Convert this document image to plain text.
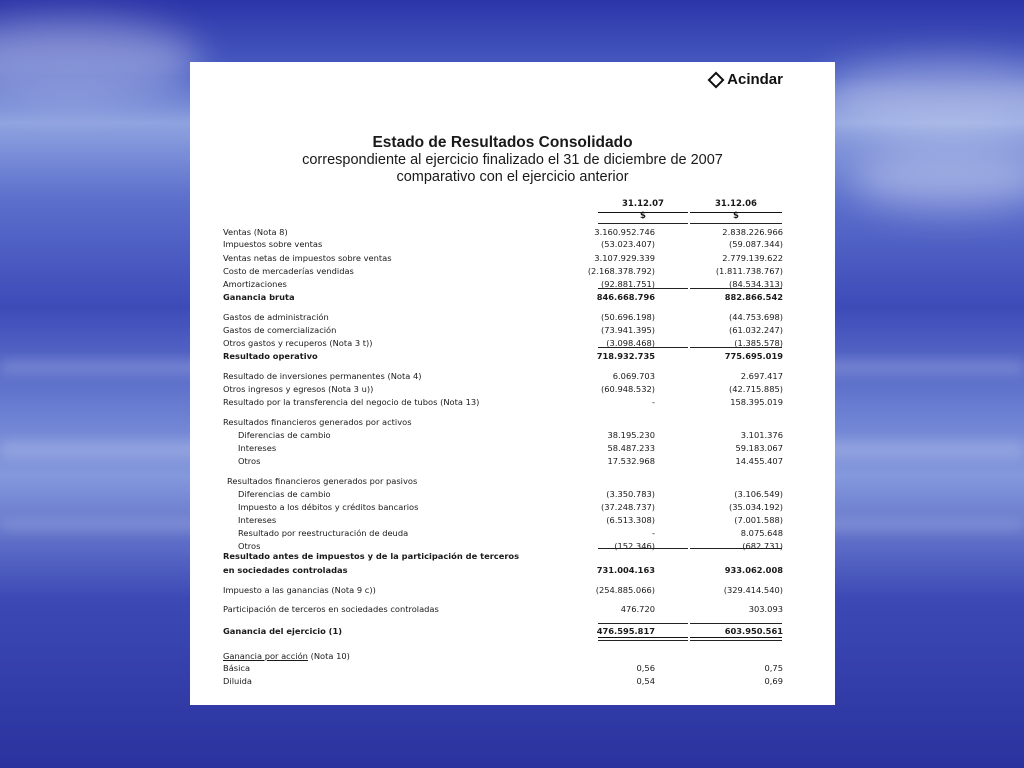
Acindar
Estado de Resultados Consolidado
correspondiente al ejercicio finalizado el 31 de diciembre de 2007
comparativo con el ejercicio anterior
31.12.07
$
31.12.06
$
Ventas (Nota 8)	3.160.952.746	2.838.226.966
Impuestos sobre ventas	(53.023.407)	(59.087.344)
Ventas netas de impuestos sobre ventas	3.107.929.339	2.779.139.622
Costo de mercaderías vendidas	(2.168.378.792)	(1.811.738.767)
Amortizaciones	(92.881.751)	(84.534.313)
Ganancia bruta	846.668.796	882.866.542
Gastos de administración	(50.696.198)	(44.753.698)
Gastos de comercialización	(73.941.395)	(61.032.247)
Otros gastos y recuperos (Nota 3 t))	(3.098.468)	(1.385.578)
Resultado operativo	718.932.735	775.695.019
Resultado de inversiones permanentes (Nota 4)	6.069.703	2.697.417
Otros ingresos y egresos (Nota 3 u))	(60.948.532)	(42.715.885)
Resultado por la transferencia del negocio de tubos (Nota 13)	-	158.395.019
Resultados financieros generados por activos
Diferencias de cambio	38.195.230	3.101.376
Intereses	58.487.233	59.183.067
Otros	17.532.968	14.455.407
Resultados financieros generados por pasivos
Diferencias de cambio	(3.350.783)	(3.106.549)
Impuesto a los débitos y créditos bancarios	(37.248.737)	(35.034.192)
Intereses	(6.513.308)	(7.001.588)
Resultado por reestructuración de deuda	-	8.075.648
Otros	(152.346)	(682.731)
Resultado antes de impuestos y de la participación de terceros
en sociedades controladas	731.004.163	933.062.008
Impuesto a las ganancias (Nota 9 c))	(254.885.066)	(329.414.540)
Participación de terceros en sociedades controladas	476.720	303.093
Ganancia del ejercicio (1)	476.595.817	603.950.561
Ganancia por acción (Nota 10)
Básica	0,56	0,75
Diluida	0,54	0,69
